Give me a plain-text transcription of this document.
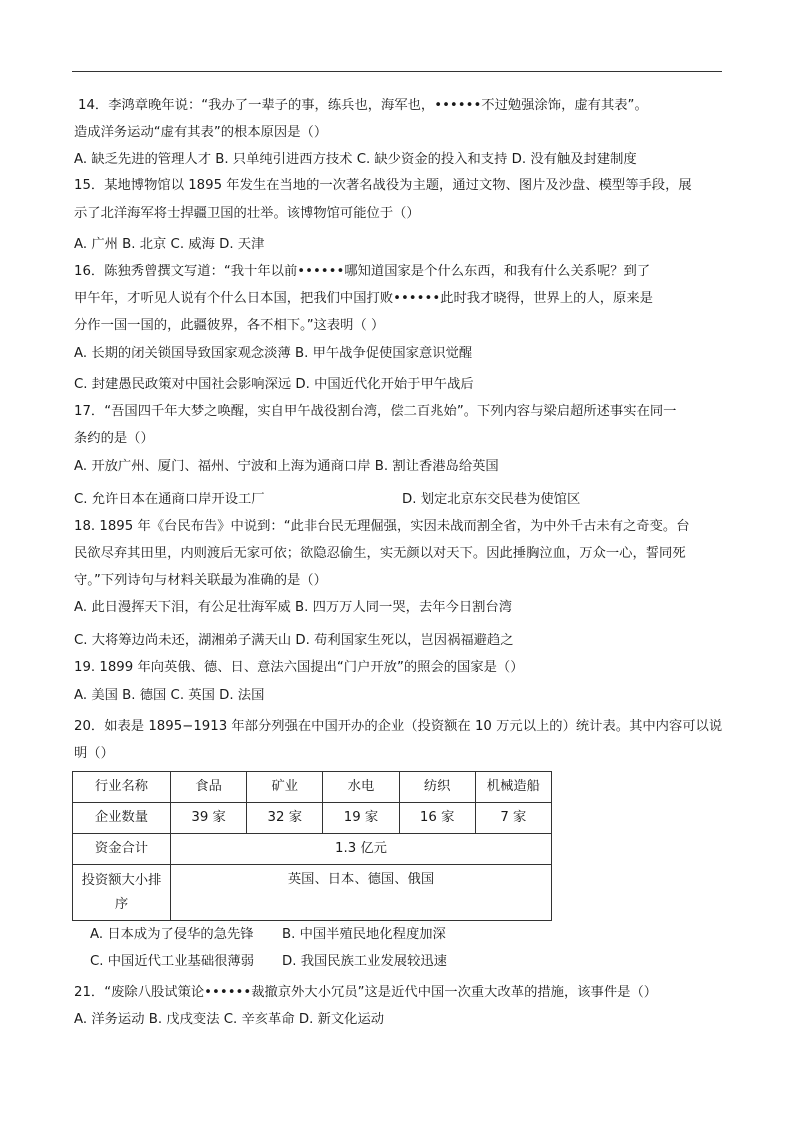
14．李鸿章晚年说：“我办了一辈子的事，练兵也，海军也，••••••不过勉强涂饰，虚有其表”。
造成洋务运动“虚有其表”的根本原因是（）
A. 缺乏先进的管理人才 B. 只单纯引进西方技术 C. 缺少资金的投入和支持 D. 没有触及封建制度
15．某地博物馆以 1895 年发生在当地的一次著名战役为主题，通过文物、图片及沙盘、模型等手段，展
示了北洋海军将士捍疆卫国的壮举。该博物馆可能位于（）
A. 广州 B. 北京 C. 威海 D. 天津
16．陈独秀曾撰文写道：“我十年以前••••••哪知道国家是个什么东西，和我有什么关系呢？到了
甲午年，才听见人说有个什么日本国，把我们中国打败••••••此时我才晓得，世界上的人，原来是
分作一国一国的，此疆彼界，各不相下。”这表明（ ）
A. 长期的闭关锁国导致国家观念淡薄 B. 甲午战争促使国家意识觉醒
C. 封建愚民政策对中国社会影响深远 D. 中国近代化开始于甲午战后
17．“吾国四千年大梦之唤醒，实自甲午战役割台湾，偿二百兆始”。下列内容与梁启超所述事实在同一
条约的是（）
A. 开放广州、厦门、福州、宁波和上海为通商口岸 B. 割让香港岛给英国
C. 允许日本在通商口岸开设工厂	D. 划定北京东交民巷为使馆区
18. 1895 年《台民布告》中说到：“此非台民无理倔强，实因未战而割全省，为中外千古未有之奇变。台
民欲尽弃其田里，内则渡后无家可依；欲隐忍偷生，实无颜以对天下。因此捶胸泣血，万众一心，誓同死
守。”下列诗句与材料关联最为准确的是（）
A. 此日漫挥天下泪，有公足壮海军威 B. 四万万人同一哭，去年今日割台湾
C. 大将筹边尚未还，湖湘弟子满天山 D. 苟利国家生死以，岂因祸福避趋之
19. 1899 年向英俄、德、日、意法六国提出“门户开放”的照会的国家是（）
A. 美国 B. 德国 C. 英国 D. 法国
20．如表是 1895−1913 年部分列强在中国开办的企业（投资额在 10 万元以上的）统计表。其中内容可以说
明（）
行业名称	食品	矿业	水电	纺织	机械造船
企业数量	39 家	32 家	19 家	16 家	7 家
资金合计	1.3 亿元				
投资额大小排
序	英国、日本、德国、俄国				
A. 日本成为了侵华的急先锋 B. 中国半殖民地化程度加深
C. 中国近代工业基础很薄弱 D. 我国民族工业发展较迅速
21．“废除八股试策论••••••裁撤京外大小冗员”这是近代中国一次重大改革的措施，该事件是（）
A. 洋务运动 B. 戊戌变法 C. 辛亥革命 D. 新文化运动
